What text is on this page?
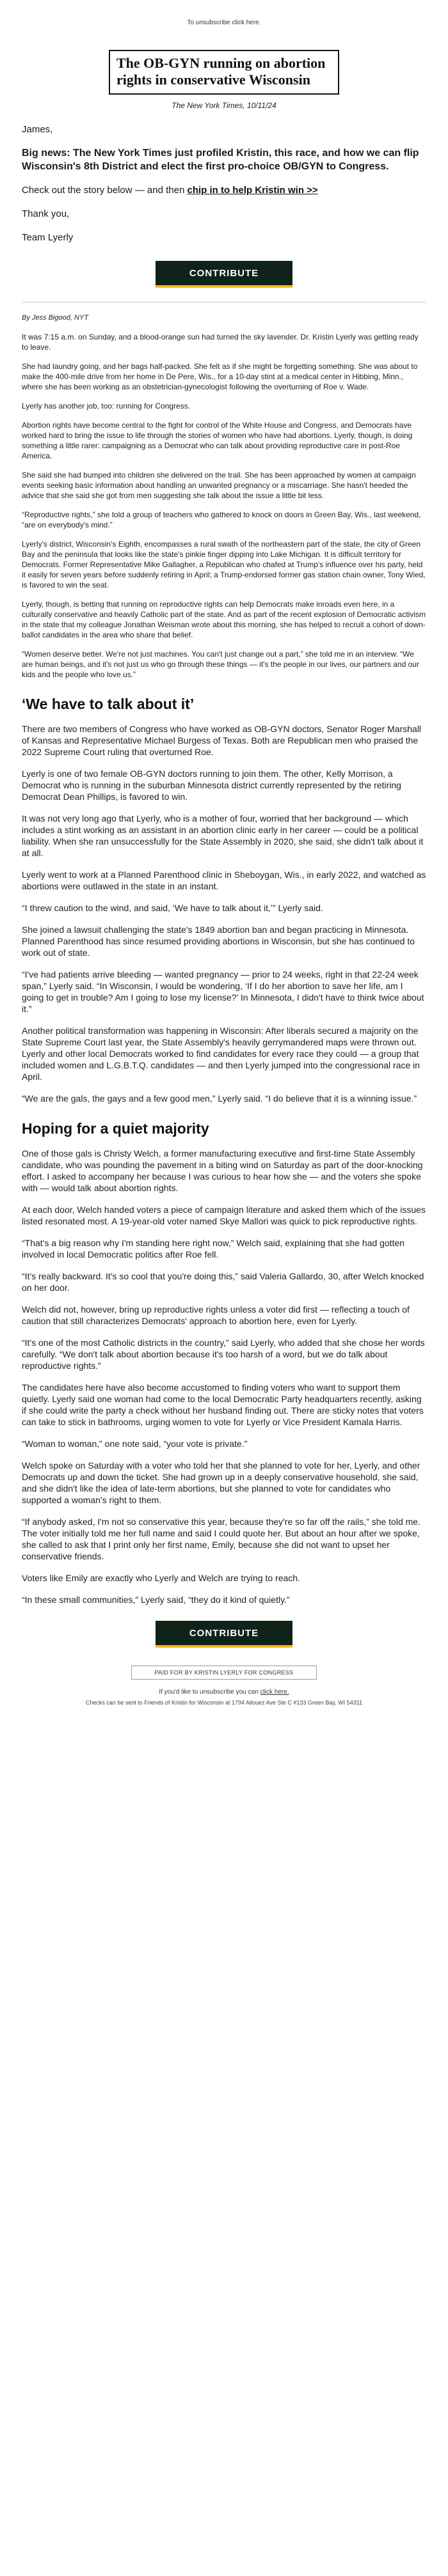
To unsubscribe click here.
The OB-GYN running on abortion rights in conservative Wisconsin
The New York Times, 10/11/24
James,
Big news: The New York Times just profiled Kristin, this race, and how we can flip Wisconsin's 8th District and elect the first pro-choice OB/GYN to Congress.
Check out the story below — and then chip in to help Kristin win >>
Thank you,
Team Lyerly
CONTRIBUTE
By Jess Bigood, NYT
It was 7:15 a.m. on Sunday, and a blood-orange sun had turned the sky lavender. Dr. Kristin Lyerly was getting ready to leave.
She had laundry going, and her bags half-packed. She felt as if she might be forgetting something. She was about to make the 400-mile drive from her home in De Pere, Wis., for a 10-day stint at a medical center in Hibbing, Minn., where she has been working as an obstetrician-gynecologist following the overturning of Roe v. Wade.
Lyerly has another job, too: running for Congress.
Abortion rights have become central to the fight for control of the White House and Congress, and Democrats have worked hard to bring the issue to life through the stories of women who have had abortions. Lyerly, though, is doing something a little rarer: campaigning as a Democrat who can talk about providing reproductive care in post-Roe America.
She said she had bumped into children she delivered on the trail. She has been approached by women at campaign events seeking basic information about handling an unwanted pregnancy or a miscarriage. She hasn't heeded the advice that she said she got from men suggesting she talk about the issue a little bit less.
“Reproductive rights,” she told a group of teachers who gathered to knock on doors in Green Bay, Wis., last weekend, “are on everybody's mind.”
Lyerly's district, Wisconsin's Eighth, encompasses a rural swath of the northeastern part of the state, the city of Green Bay and the peninsula that looks like the state's pinkie finger dipping into Lake Michigan. It is difficult territory for Democrats. Former Representative Mike Gallagher, a Republican who chafed at Trump's influence over his party, held it easily for seven years before suddenly retiring in April; a Trump-endorsed former gas station chain owner, Tony Wied, is favored to win the seat.
Lyerly, though, is betting that running on reproductive rights can help Democrats make inroads even here, in a culturally conservative and heavily Catholic part of the state. And as part of the recent explosion of Democratic activism in the state that my colleague Jonathan Weisman wrote about this morning, she has helped to recruit a cohort of down-ballot candidates in the area who share that belief.
“Women deserve better. We're not just machines. You can't just change out a part,” she told me in an interview. “We are human beings, and it's not just us who go through these things — it's the people in our lives, our partners and our kids and the people who love us.”
‘We have to talk about it’
There are two members of Congress who have worked as OB-GYN doctors, Senator Roger Marshall of Kansas and Representative Michael Burgess of Texas. Both are Republican men who praised the 2022 Supreme Court ruling that overturned Roe.
Lyerly is one of two female OB-GYN doctors running to join them. The other, Kelly Morrison, a Democrat who is running in the suburban Minnesota district currently represented by the retiring Democrat Dean Phillips, is favored to win.
It was not very long ago that Lyerly, who is a mother of four, worried that her background — which includes a stint working as an assistant in an abortion clinic early in her career — could be a political liability. When she ran unsuccessfully for the State Assembly in 2020, she said, she didn't talk about it at all.
Lyerly went to work at a Planned Parenthood clinic in Sheboygan, Wis., in early 2022, and watched as abortions were outlawed in the state in an instant.
“I threw caution to the wind, and said, ‘We have to talk about it,’” Lyerly said.
She joined a lawsuit challenging the state's 1849 abortion ban and began practicing in Minnesota. Planned Parenthood has since resumed providing abortions in Wisconsin, but she has continued to work out of state.
“I've had patients arrive bleeding — wanted pregnancy — prior to 24 weeks, right in that 22-24 week span,” Lyerly said. “In Wisconsin, I would be wondering, ‘If I do her abortion to save her life, am I going to get in trouble? Am I going to lose my license?’ In Minnesota, I didn't have to think twice about it.”
Another political transformation was happening in Wisconsin: After liberals secured a majority on the State Supreme Court last year, the State Assembly's heavily gerrymandered maps were thrown out. Lyerly and other local Democrats worked to find candidates for every race they could — a group that included women and L.G.B.T.Q. candidates — and then Lyerly jumped into the congressional race in April.
“We are the gals, the gays and a few good men,” Lyerly said. “I do believe that it is a winning issue.”
Hoping for a quiet majority
One of those gals is Christy Welch, a former manufacturing executive and first-time State Assembly candidate, who was pounding the pavement in a biting wind on Saturday as part of the door-knocking effort. I asked to accompany her because I was curious to hear how she — and the voters she spoke with — would talk about abortion rights.
At each door, Welch handed voters a piece of campaign literature and asked them which of the issues listed resonated most. A 19-year-old voter named Skye Mallori was quick to pick reproductive rights.
“That's a big reason why I'm standing here right now,” Welch said, explaining that she had gotten involved in local Democratic politics after Roe fell.
“It's really backward. It's so cool that you're doing this,” said Valeria Gallardo, 30, after Welch knocked on her door.
Welch did not, however, bring up reproductive rights unless a voter did first — reflecting a touch of caution that still characterizes Democrats' approach to abortion here, even for Lyerly.
“It's one of the most Catholic districts in the country,” said Lyerly, who added that she chose her words carefully. “We don't talk about abortion because it's too harsh of a word, but we do talk about reproductive rights.”
The candidates here have also become accustomed to finding voters who want to support them quietly. Lyerly said one woman had come to the local Democratic Party headquarters recently, asking if she could write the party a check without her husband finding out. There are sticky notes that voters can take to stick in bathrooms, urging women to vote for Lyerly or Vice President Kamala Harris.
“Woman to woman,” one note said, “your vote is private.”
Welch spoke on Saturday with a voter who told her that she planned to vote for her, Lyerly, and other Democrats up and down the ticket. She had grown up in a deeply conservative household, she said, and she didn't like the idea of late-term abortions, but she planned to vote for candidates who supported a woman's right to them.
“If anybody asked, I'm not so conservative this year, because they're so far off the rails,” she told me. The voter initially told me her full name and said I could quote her. But about an hour after we spoke, she called to ask that I print only her first name, Emily, because she did not want to upset her conservative friends.
Voters like Emily are exactly who Lyerly and Welch are trying to reach.
“In these small communities,” Lyerly said, “they do it kind of quietly.”
CONTRIBUTE
PAID FOR BY KRISTIN LYERLY FOR CONGRESS
If you'd like to unsubscribe you can click here.
Checks can be sent to Friends of Kristin for Wisconsin at 1794 Allouez Ave Ste C #133 Green Bay, WI 54311
